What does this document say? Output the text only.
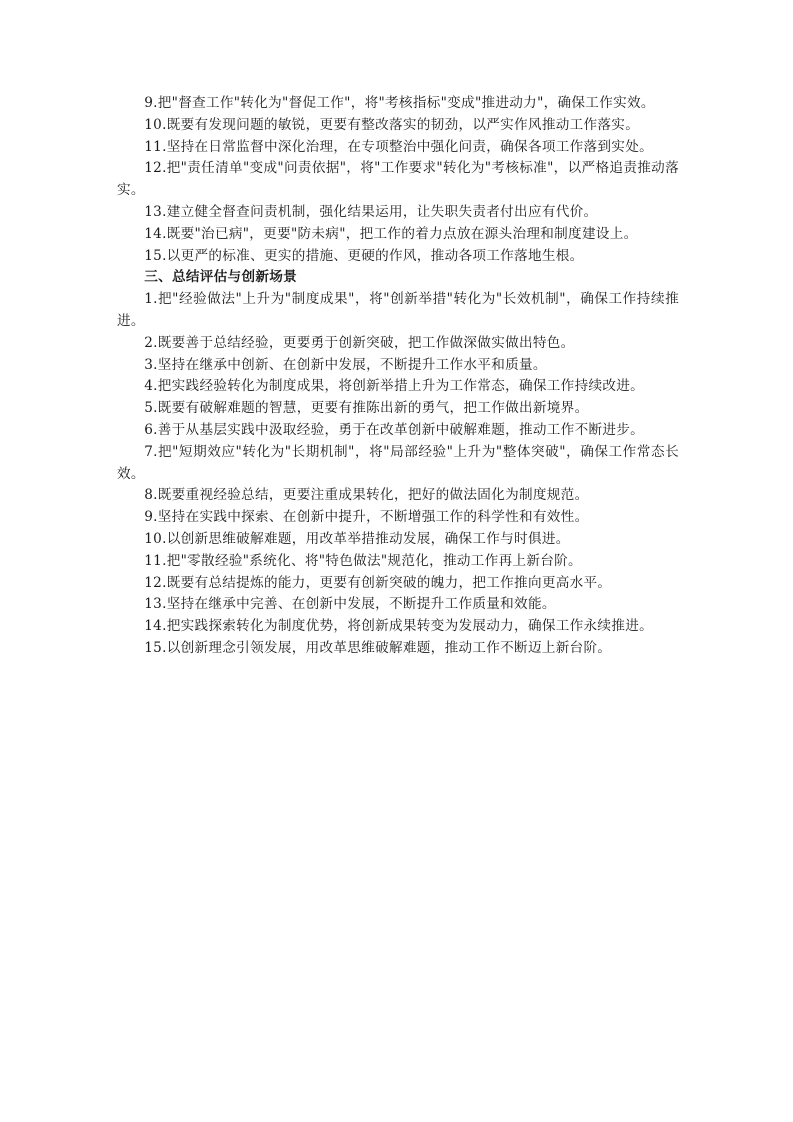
9.把"督查工作"转化为"督促工作"，将"考核指标"变成"推进动力"，确保工作实效。

10.既要有发现问题的敏锐，更要有整改落实的韧劲，以严实作风推动工作落实。

11.坚持在日常监督中深化治理，在专项整治中强化问责，确保各项工作落到实处。

12.把"责任清单"变成"问责依据"，将"工作要求"转化为"考核标准"，以严格追责推动落实。

13.建立健全督查问责机制，强化结果运用，让失职失责者付出应有代价。

14.既要"治已病"，更要"防未病"，把工作的着力点放在源头治理和制度建设上。

15.以更严的标准、更实的措施、更硬的作风，推动各项工作落地生根。

三、总结评估与创新场景

1.把"经验做法"上升为"制度成果"，将"创新举措"转化为"长效机制"，确保工作持续推进。

2.既要善于总结经验，更要勇于创新突破，把工作做深做实做出特色。

3.坚持在继承中创新、在创新中发展，不断提升工作水平和质量。

4.把实践经验转化为制度成果，将创新举措上升为工作常态，确保工作持续改进。

5.既要有破解难题的智慧，更要有推陈出新的勇气，把工作做出新境界。

6.善于从基层实践中汲取经验，勇于在改革创新中破解难题，推动工作不断进步。

7.把"短期效应"转化为"长期机制"，将"局部经验"上升为"整体突破"，确保工作常态长效。

8.既要重视经验总结，更要注重成果转化，把好的做法固化为制度规范。

9.坚持在实践中探索、在创新中提升，不断增强工作的科学性和有效性。

10.以创新思维破解难题，用改革举措推动发展，确保工作与时俱进。

11.把"零散经验"系统化、将"特色做法"规范化，推动工作再上新台阶。

12.既要有总结提炼的能力，更要有创新突破的魄力，把工作推向更高水平。

13.坚持在继承中完善、在创新中发展，不断提升工作质量和效能。

14.把实践探索转化为制度优势，将创新成果转变为发展动力，确保工作永续推进。

15.以创新理念引领发展，用改革思维破解难题，推动工作不断迈上新台阶。
